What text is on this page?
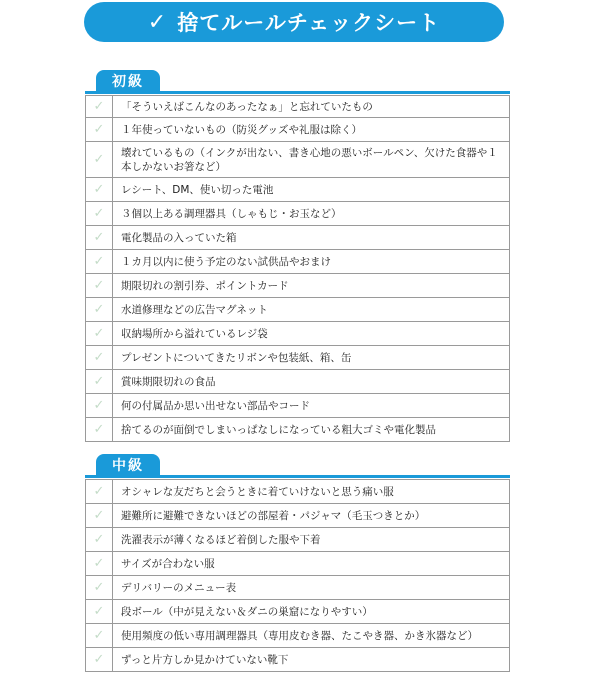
✓ 捨てルールチェックシート
初級
✓	「そういえばこんなのあったなぁ」と忘れていたもの
✓	１年使っていないもの（防災グッズや礼服は除く）
✓	壊れているもの（インクが出ない、書き心地の悪いボールペン、欠けた食器や１本しかないお箸など）
✓	レシート、DM、使い切った電池
✓	３個以上ある調理器具（しゃもじ・お玉など）
✓	電化製品の入っていた箱
✓	１カ月以内に使う予定のない試供品やおまけ
✓	期限切れの割引券、ポイントカード
✓	水道修理などの広告マグネット
✓	収納場所から溢れているレジ袋
✓	プレゼントについてきたリボンや包装紙、箱、缶
✓	賞味期限切れの食品
✓	何の付属品か思い出せない部品やコード
✓	捨てるのが面倒でしまいっぱなしになっている粗大ゴミや電化製品
中級
✓	オシャレな友だちと会うときに着ていけないと思う痛い服
✓	避難所に避難できないほどの部屋着・パジャマ（毛玉つきとか）
✓	洗濯表示が薄くなるほど着倒した服や下着
✓	サイズが合わない服
✓	デリバリーのメニュー表
✓	段ボール（中が見えない＆ダニの巣窟になりやすい）
✓	使用頻度の低い専用調理器具（専用皮むき器、たこやき器、かき氷器など）
✓	ずっと片方しか見かけていない靴下
